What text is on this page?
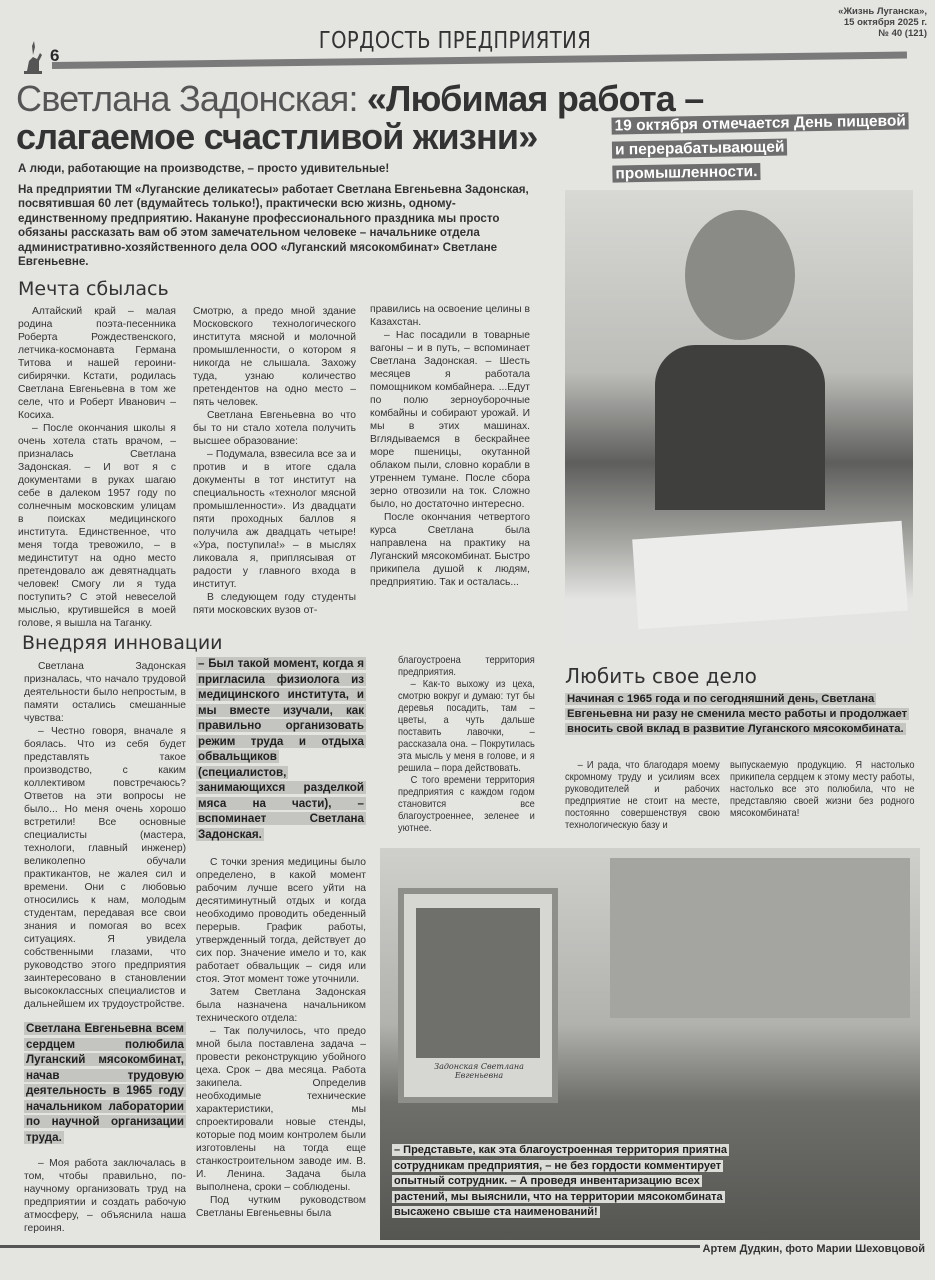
6
ГОРДОСТЬ ПРЕДПРИЯТИЯ
«Жизнь Луганска»,
15 октября 2025 г.
№ 40 (121)
Светлана Задонская: «Любимая работа –
слагаемое счастливой жизни»	19 октября отмечается День пищевой и перерабатывающей промышленности.

А люди, работающие на производстве, – просто удивительные!

На предприятии ТМ «Луганские деликатесы» работает Светлана Евгеньевна Задонская, посвятившая 60 лет (вдумайтесь только!), практически всю жизнь, одному-единственному предприятию. Накануне профессионального праздника мы просто обязаны рассказать вам об этом замечательном человеке – начальнике отдела административно-хозяйственного дела ООО «Луганский мясокомбинат» Светлане Евгеньевне.

Мечта сбылась

Алтайский край – малая родина поэта-песенника Роберта Рождественского, летчика-космонавта Германа Титова и нашей героини-сибирячки. Кстати, родилась Светлана Евгеньевна в том же селе, что и Роберт Иванович – Косиха.

– После окончания школы я очень хотела стать врачом, – призналась Светлана Задонская. – И вот я с документами в руках шагаю себе в далеком 1957 году по солнечным московским улицам в поисках медицинского института. Единственное, что меня тогда тревожило, – в мединститут на одно место претендовало аж девятнадцать человек! Смогу ли я туда поступить? С этой невеселой мыслью, крутившейся в моей голове, я вышла на Таганку.

Смотрю, а предо мной здание Московского технологического института мясной и молочной промышленности, о котором я никогда не слышала. Захожу туда, узнаю количество претендентов на одно место – пять человек.

Светлана Евгеньевна во что бы то ни стало хотела получить высшее образование:

– Подумала, взвесила все за и против и в итоге сдала документы в тот институт на специальность «технолог мясной промышленности». Из двадцати пяти проходных баллов я получила аж двадцать четыре! «Ура, поступила!» – в мыслях ликовала я, приплясывая от радости у главного входа в институт.

В следующем году студенты пяти московских вузов от-

правились на освоение целины в Казахстан.

– Нас посадили в товарные вагоны – и в путь, – вспоминает Светлана Задонская. – Шесть месяцев я работала помощником комбайнера. ...Едут по полю зерноуборочные комбайны и собирают урожай. И мы в этих машинах. Вглядываемся в бескрайнее море пшеницы, окутанной облаком пыли, словно корабли в утреннем тумане. После сбора зерно отвозили на ток. Сложно было, но достаточно интересно.

После окончания четвертого курса Светлана была направлена на практику на Луганский мясокомбинат. Быстро прикипела душой к людям, предприятию. Так и осталась...

Внедряя инновации

Светлана Задонская призналась, что начало трудовой деятельности было непростым, в памяти остались смешанные чувства:

– Честно говоря, вначале я боялась. Что из себя будет представлять такое производство, с каким коллективом повстречаюсь? Ответов на эти вопросы не было... Но меня очень хорошо встретили! Все основные специалисты (мастера, технологи, главный инженер) великолепно обучали практикантов, не жалея сил и времени. Они с любовью относились к нам, молодым студентам, передавая все свои знания и помогая во всех ситуациях. Я увидела собственными глазами, что руководство этого предприятия заинтересовано в становлении высококлассных специалистов и дальнейшем их трудоустройстве.

Светлана Евгеньевна всем сердцем полюбила Луганский мясокомбинат, начав трудовую деятельность в 1965 году начальником лаборатории по научной организации труда.

– Моя работа заключалась в том, чтобы правильно, по-научному организовать труд на предприятии и создать рабочую атмосферу, – объяснила наша героиня.

– Был такой момент, когда я пригласила физиолога из медицинского института, и мы вместе изучали, как правильно организовать режим труда и отдыха обвальщиков (специалистов, занимающихся разделкой мяса на части), – вспоминает Светлана Задонская.

С точки зрения медицины было определено, в какой момент рабочим лучше всего уйти на десятиминутный отдых и когда необходимо проводить обеденный перерыв. График работы, утвержденный тогда, действует до сих пор. Значение имело и то, как работает обвальщик – сидя или стоя. Этот момент тоже уточнили.

Затем Светлана Задонская была назначена начальником технического отдела:

– Так получилось, что предо мной была поставлена задача – провести реконструкцию убойного цеха. Срок – два месяца. Работа закипела. Определив необходимые технические характеристики, мы спроектировали новые стенды, которые под моим контролем были изготовлены на тогда еще станкостроительном заводе им. В. И. Ленина. Задача была выполнена, сроки – соблюдены.

Под чутким руководством Светланы Евгеньевны была

благоустроена территория предприятия.

– Как-то выхожу из цеха, смотрю вокруг и думаю: тут бы деревья посадить, там – цветы, а чуть дальше поставить лавочки, – рассказала она. – Покрутилась эта мысль у меня в голове, и я решила – пора действовать.

С того времени территория предприятия с каждом годом становится все благоустроеннее, зеленее и уютнее.

Любить свое дело
Начиная с 1965 года и по сегодняшний день, Светлана Евгеньевна ни разу не сменила место работы и продолжает вносить свой вклад в развитие Луганского мясокомбината.

– И рада, что благодаря моему скромному труду и усилиям всех руководителей и рабочих предприятие не стоит на месте, постоянно совершенствуя свою технологическую базу и

выпускаемую продукцию. Я настолько прикипела сердцем к этому месту работы, настолько все это полюбила, что не представляю своей жизни без родного мясокомбината!

Задонская Светлана Евгеньевна
– Представьте, как эта благоустроенная территория приятна сотрудникам предприятия, – не без гордости комментирует опытный сотрудник. – А проведя инвентаризацию всех растений, мы выяснили, что на территории мясокомбината высажено свыше ста наименований!
Артем Дудкин, фото Марии Шеховцовой
